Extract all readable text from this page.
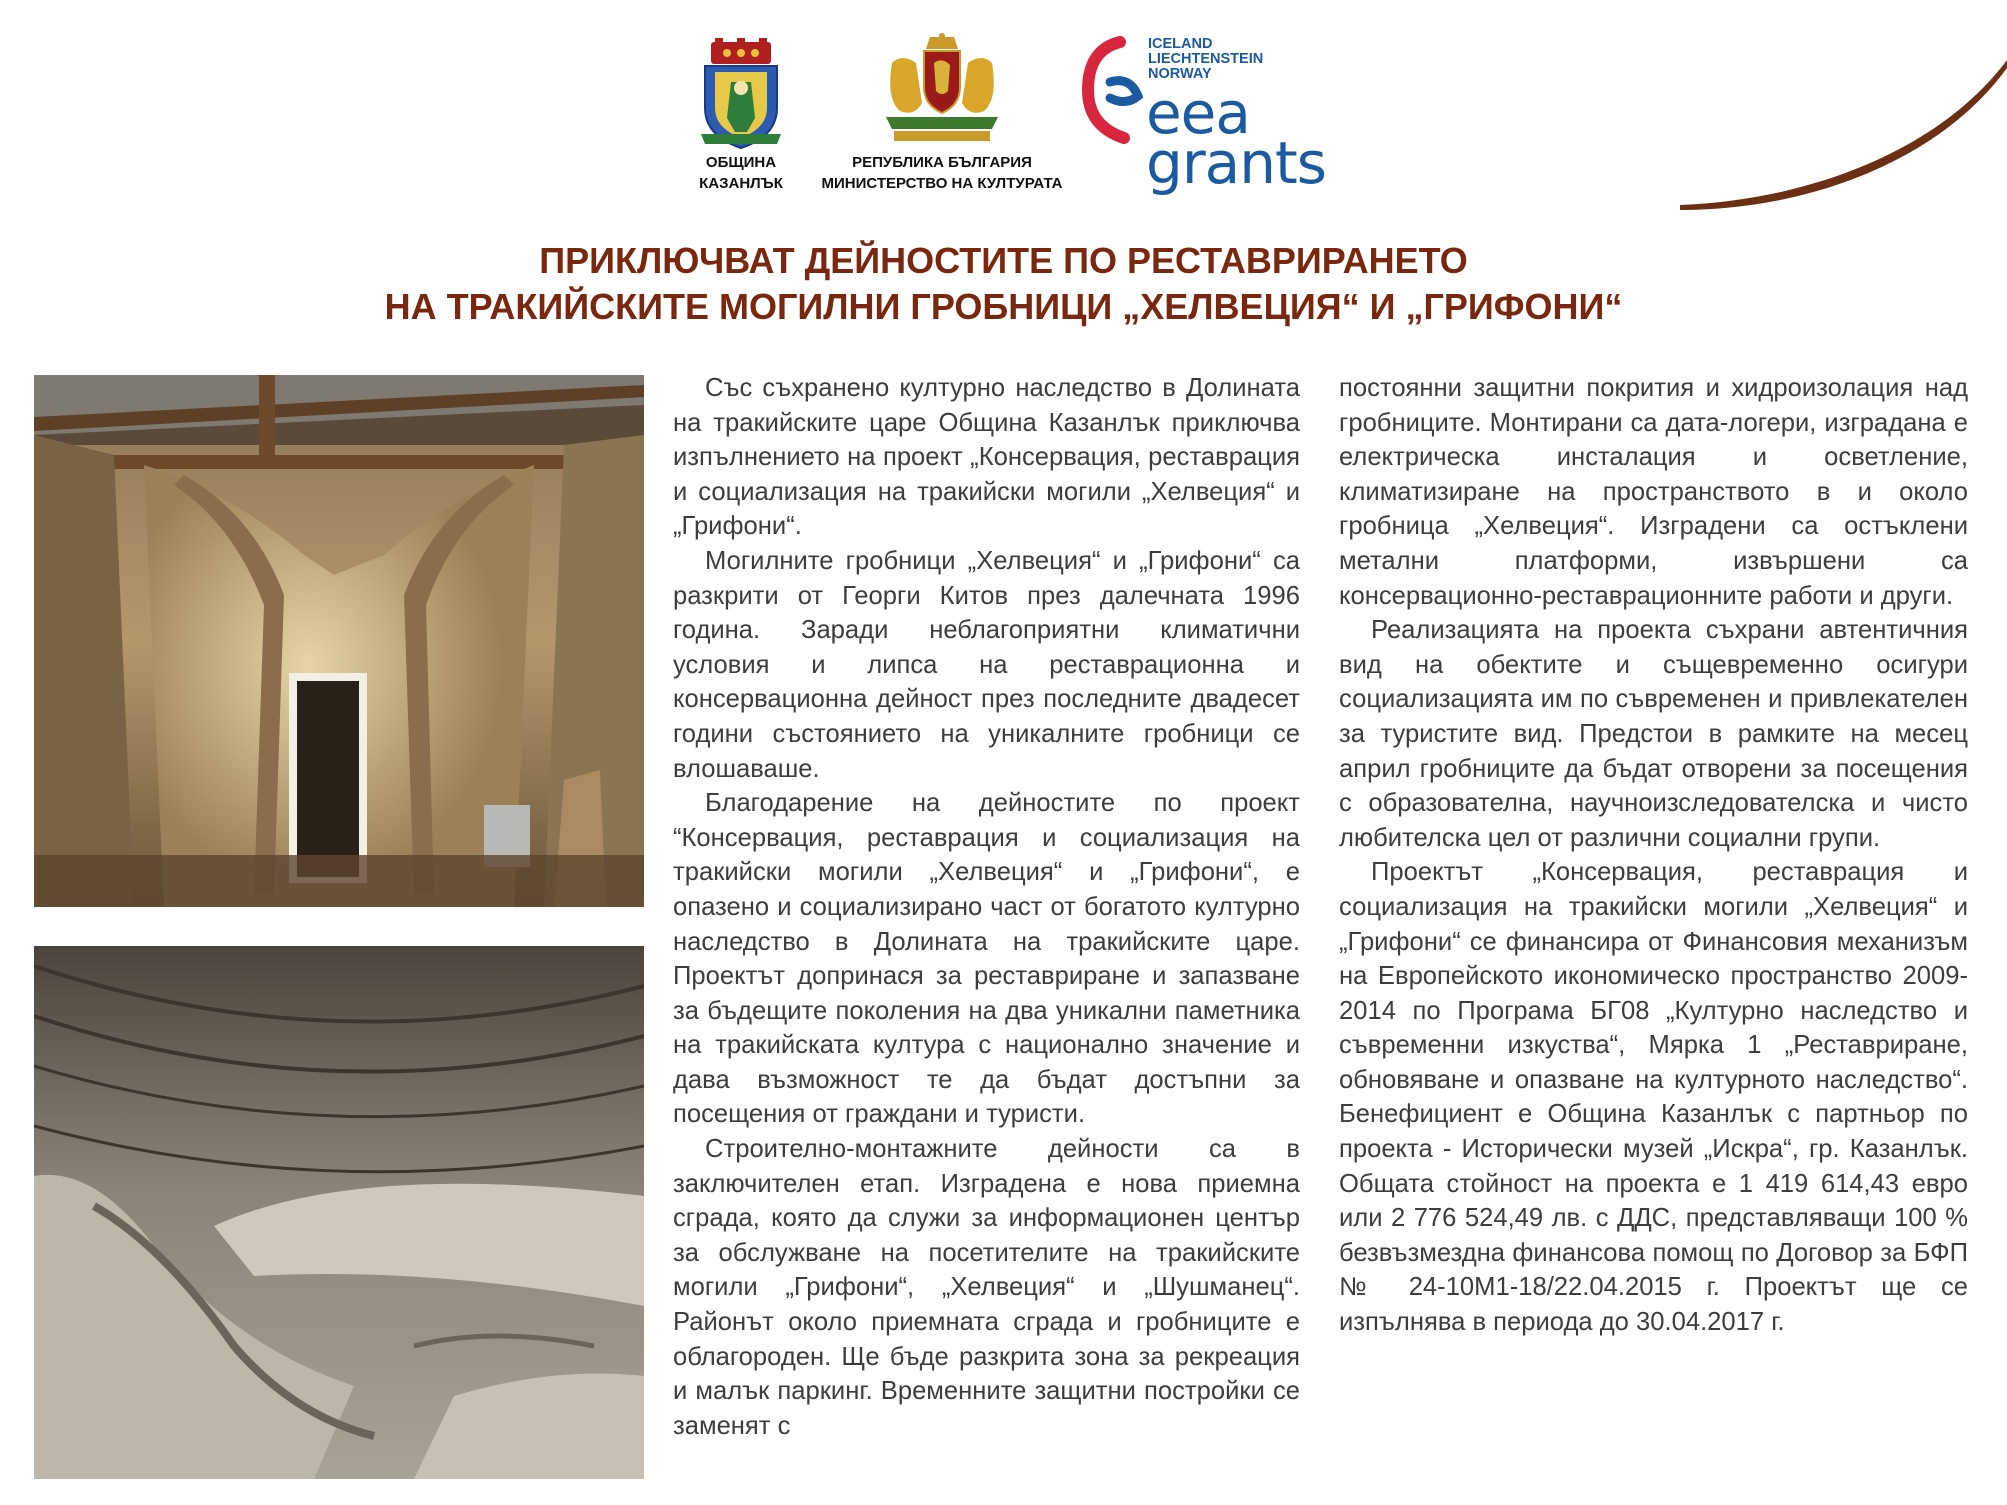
ОБЩИНА
КАЗАНЛЪК
РЕПУБЛИКА БЪЛГАРИЯ
МИНИСТЕРСТВО НА КУЛТУРАТА
ICELAND
LIECHTENSTEIN
NORWAY
eea
grants
ПРИКЛЮЧВАТ ДЕЙНОСТИТЕ ПО РЕСТАВРИРАНЕТО
НА ТРАКИЙСКИТЕ МОГИЛНИ ГРОБНИЦИ „ХЕЛВЕЦИЯ“ И „ГРИФОНИ“

Със съхранено културно наследство в Долината на тракийските царе Община Казанлък приключва изпълнението на проект „Консервация, реставрация и социализация на тракийски могили „Хелвеция“ и „Грифони“.

Могилните гробници „Хелвеция“ и „Грифони“ са разкрити от Георги Китов през далечната 1996 година. Заради неблагоприятни климатични условия и липса на реставрационна и консервационна дейност през последните двадесет години състоянието на уникалните гробници се влошаваше.

Благодарение на дейностите по проект “Консервация, реставрация и социализация на тракийски могили „Хелвеция“ и „Грифони“, е опазено и социализирано част от богатото културно наследство в Долината на тракийските царе. Проектът допринася за реставриране и запазване за бъдещите поколения на два уникални паметника на тракийската култура с национално значение и дава възможност те да бъдат достъпни за посещения от граждани и туристи.

Строително-монтажните дейности са в заключителен етап. Изградена е нова приемна сграда, която да служи за информационен център за обслужване на посетителите на тракийските могили „Грифони“, „Хелвеция“ и „Шушманец“. Районът около приемната сграда и гробниците е облагороден. Ще бъде разкрита зона за рекреация и малък паркинг. Временните защитни постройки се заменят с

постоянни защитни покрития и хидроизолация над гробниците. Монтирани са дата-логери, изградана е електрическа инсталация и осветление, климатизиране на пространството в и около гробница „Хелвеция“. Изградени са остъклени метални платформи, извършени са консервационно-реставрационните работи и други.

Реализацията на проекта съхрани автентичния вид на обектите и същевременно осигури социализацията им по съвременен и привлекателен за туристите вид. Предстои в рамките на месец април гробниците да бъдат отворени за посещения с образователна, научноизследователска и чисто любителска цел от различни социални групи.

Проектът „Консервация, реставрация и социализация на тракийски могили „Хелвеция“ и „Грифони“ се финансира от Финансовия механизъм на Европейското икономическо пространство 2009-2014 по Програма БГ08 „Културно наследство и съвременни изкуства“, Мярка 1 „Реставриране, обновяване и опазване на културното наследство“. Бенефициент е Община Казанлък с партньор по проекта - Исторически музей „Искра“, гр. Казанлък. Общата стойност на проекта е 1 419 614,43 евро или 2 776 524,49 лв. с ДДС, представляващи 100 % безвъзмездна финансова помощ по Договор за БФП № 24-10М1-18/22.04.2015 г. Проектът ще се изпълнява в периода до 30.04.2017 г.
